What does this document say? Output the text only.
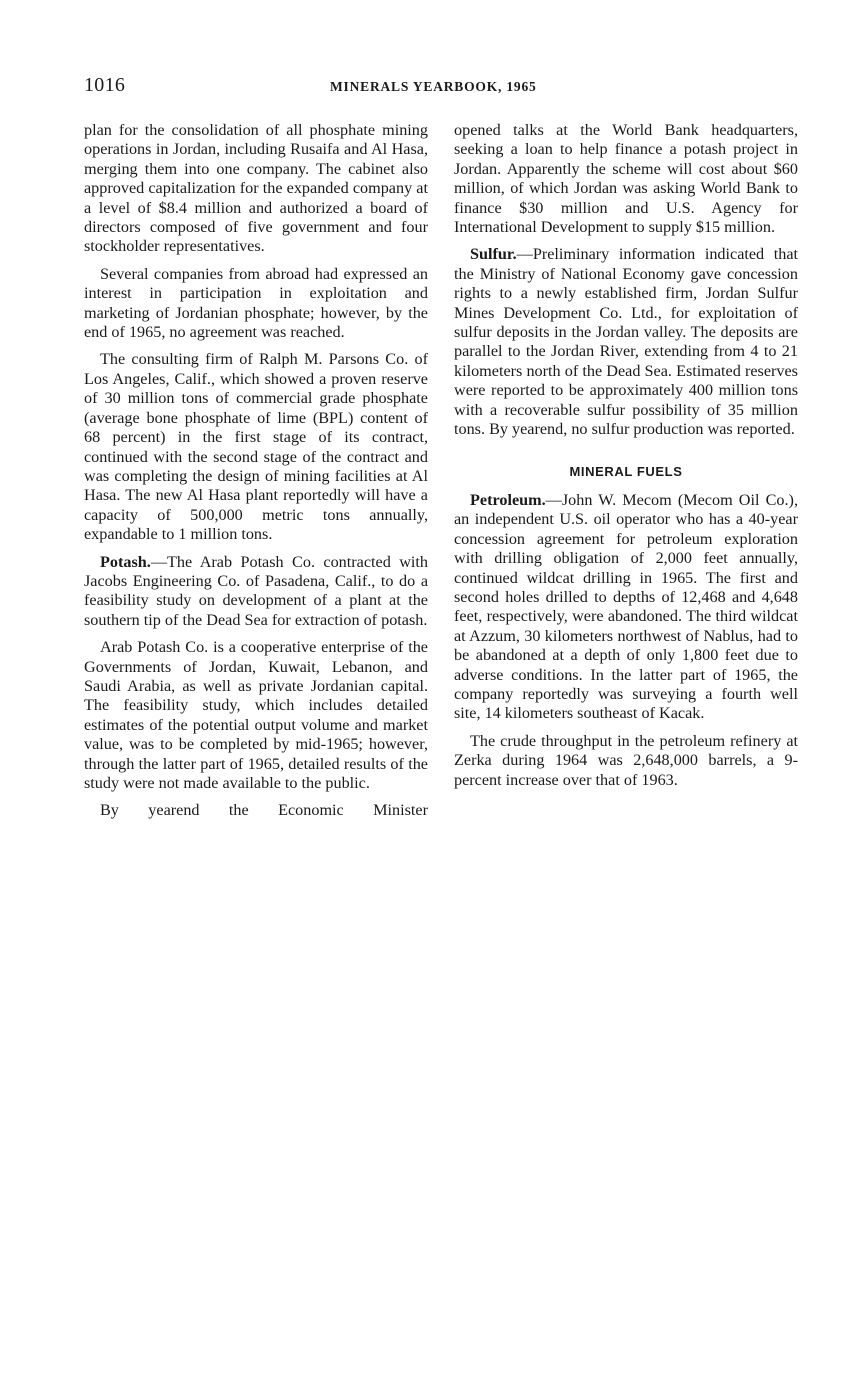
1016	MINERALS YEARBOOK, 1965

plan for the consolidation of all phosphate mining operations in Jordan, including Rusaifa and Al Hasa, merging them into one company. The cabinet also approved capitalization for the expanded company at a level of $8.4 million and authorized a board of directors composed of five government and four stockholder representatives.

Several companies from abroad had expressed an interest in participation in exploitation and marketing of Jordanian phosphate; however, by the end of 1965, no agreement was reached.

The consulting firm of Ralph M. Parsons Co. of Los Angeles, Calif., which showed a proven reserve of 30 million tons of commercial grade phosphate (average bone phosphate of lime (BPL) content of 68 percent) in the first stage of its contract, continued with the second stage of the contract and was completing the design of mining facilities at Al Hasa. The new Al Hasa plant reportedly will have a capacity of 500,000 metric tons annually, expandable to 1 million tons.

Potash.—The Arab Potash Co. contracted with Jacobs Engineering Co. of Pasadena, Calif., to do a feasibility study on development of a plant at the southern tip of the Dead Sea for extraction of potash.

Arab Potash Co. is a cooperative enterprise of the Governments of Jordan, Kuwait, Lebanon, and Saudi Arabia, as well as private Jordanian capital. The feasibility study, which includes detailed estimates of the potential output volume and market value, was to be completed by mid-1965; however, through the latter part of 1965, detailed results of the study were not made available to the public.

By yearend the Economic Minister

opened talks at the World Bank headquarters, seeking a loan to help finance a potash project in Jordan. Apparently the scheme will cost about $60 million, of which Jordan was asking World Bank to finance $30 million and U.S. Agency for International Development to supply $15 million.

Sulfur.—Preliminary information indicated that the Ministry of National Economy gave concession rights to a newly established firm, Jordan Sulfur Mines Development Co. Ltd., for exploitation of sulfur deposits in the Jordan valley. The deposits are parallel to the Jordan River, extending from 4 to 21 kilometers north of the Dead Sea. Estimated reserves were reported to be approximately 400 million tons with a recoverable sulfur possibility of 35 million tons. By yearend, no sulfur production was reported.

MINERAL FUELS

Petroleum.—John W. Mecom (Mecom Oil Co.), an independent U.S. oil operator who has a 40-year concession agreement for petroleum exploration with drilling obligation of 2,000 feet annually, continued wildcat drilling in 1965. The first and second holes drilled to depths of 12,468 and 4,648 feet, respectively, were abandoned. The third wildcat at Azzum, 30 kilometers northwest of Nablus, had to be abandoned at a depth of only 1,800 feet due to adverse conditions. In the latter part of 1965, the company reportedly was surveying a fourth well site, 14 kilometers southeast of Kacak.

The crude throughput in the petroleum refinery at Zerka during 1964 was 2,648,000 barrels, a 9-percent increase over that of 1963.
